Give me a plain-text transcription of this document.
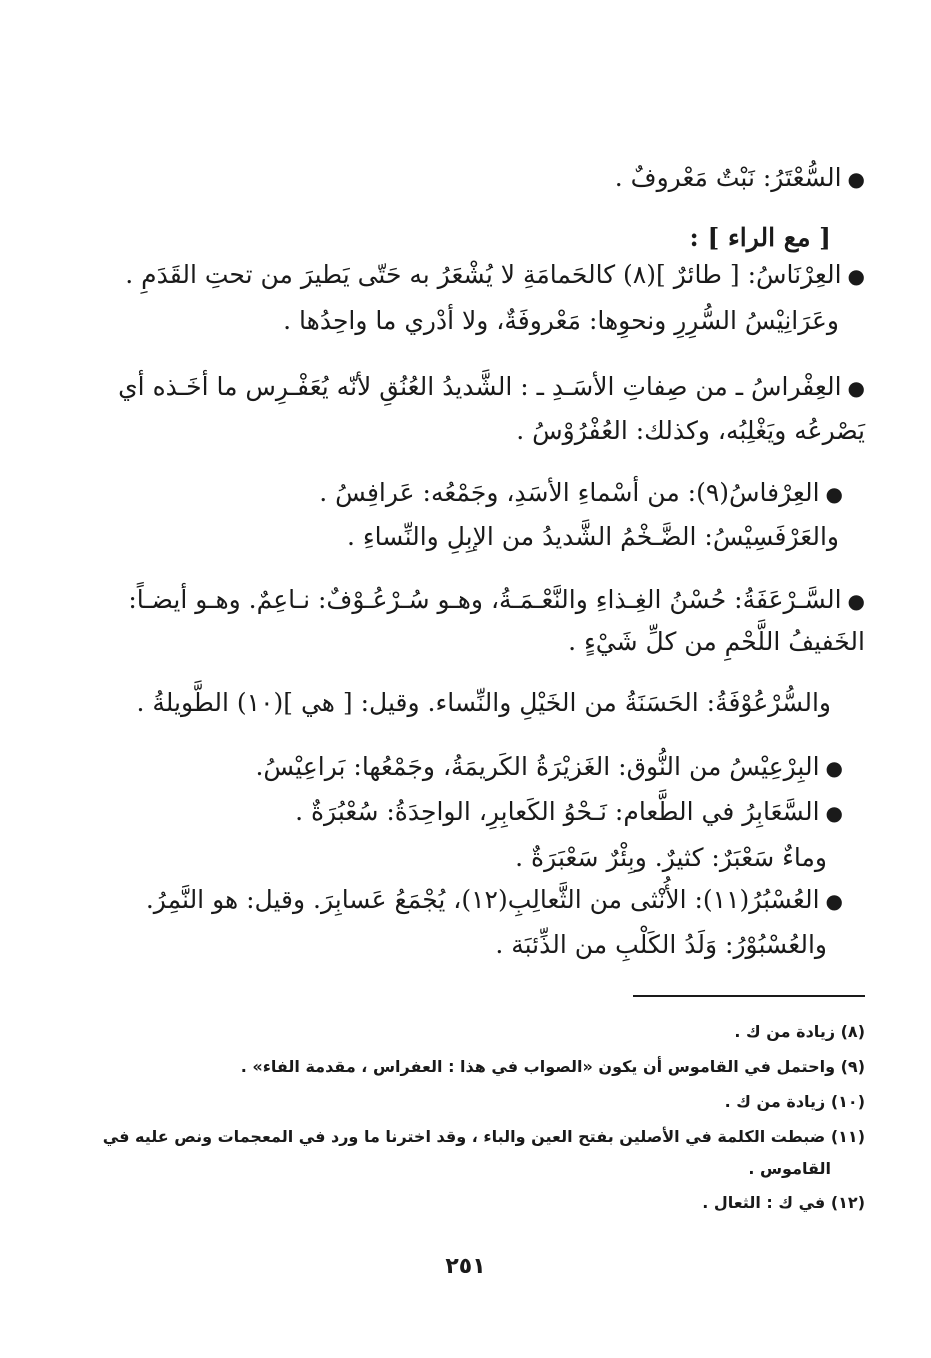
●السُّعْتَرُ: نَبْتٌ مَعْروفٌ .
[ مع الراء ] :
●العِرْنَاسُ: [ طائرٌ ](٨) كالحَمامَةِ لا يُشْعَرُ به حَتّى يَطيرَ من تحتِ القَدَمِ .
وعَرَانِيْسُ السُّرِرِ ونحوِها: مَعْروفَةٌ، ولا أدْري ما واحِدُها .
●العِفْراسُ ـ من صِفاتِ الأسَـدِ ـ : الشَّديدُ العُنُقِ لأنّه يُعَفْـرِس ما أخَـذه أي
يَصْرعُه ويَغْلِبُه، وكذلك: العُفْرُوْسُ .
●العِرْفاسُ(٩): من أسْماءِ الأسَدِ، وجَمْعُه: عَرافِسُ .
والعَرْفَسِيْسُ: الضَّـخْمُ الشَّديدُ من الإبِلِ والنِّساءِ .
●السَّـرْعَفَةُ: حُسْنُ الغِـذاءِ والنَّعْـمَـةُ، وهـو سُـرْعُـوْفٌ: نـاعِمٌ. وهـو أيضـاً:
الخَفيفُ اللَّحْمِ من كلِّ شَيْءٍ .
والسُّرْعُوْفَةُ: الحَسَنَةُ من الخَيْلِ والنِّساء. وقيل: [ هي ](١٠) الطَّويلةُ .
●البِرْعِيْسُ من النُّوق: الغَزيْرَةُ الكَريمَةُ، وجَمْعُها: بَراعِيْسُ.
●السَّعَابِرُ في الطَّعام: نَـحْوُ الكَعابِرِ، الواحِدَةُ: سُعْبُرَةٌ .
وماءٌ سَعْبَرٌ: كثيرٌ. وبِئْرٌ سَعْبَرَةٌ .
●العُسْبُرُ(١١): الأُنْثى من الثَّعالِبِ(١٢)، يُجْمَعُ عَسابِرَ. وقيل: هو النَّمِرُ.
والعُسْبُوْرُ: وَلَدُ الكَلْبِ من الذِّئبَة .
(٨) زيادة من ك .
(٩) واحتمل في القاموس أن يكون «الصواب في هذا : العفراس ، مقدمة الفاء» .
(١٠) زيادة من ك .
(١١) ضبطت الكلمة في الأصلين بفتح العين والباء ، وقد اخترنا ما ورد في المعجمات ونص عليه في
القاموس .
(١٢) في ك : الثعال .
٢٥١
